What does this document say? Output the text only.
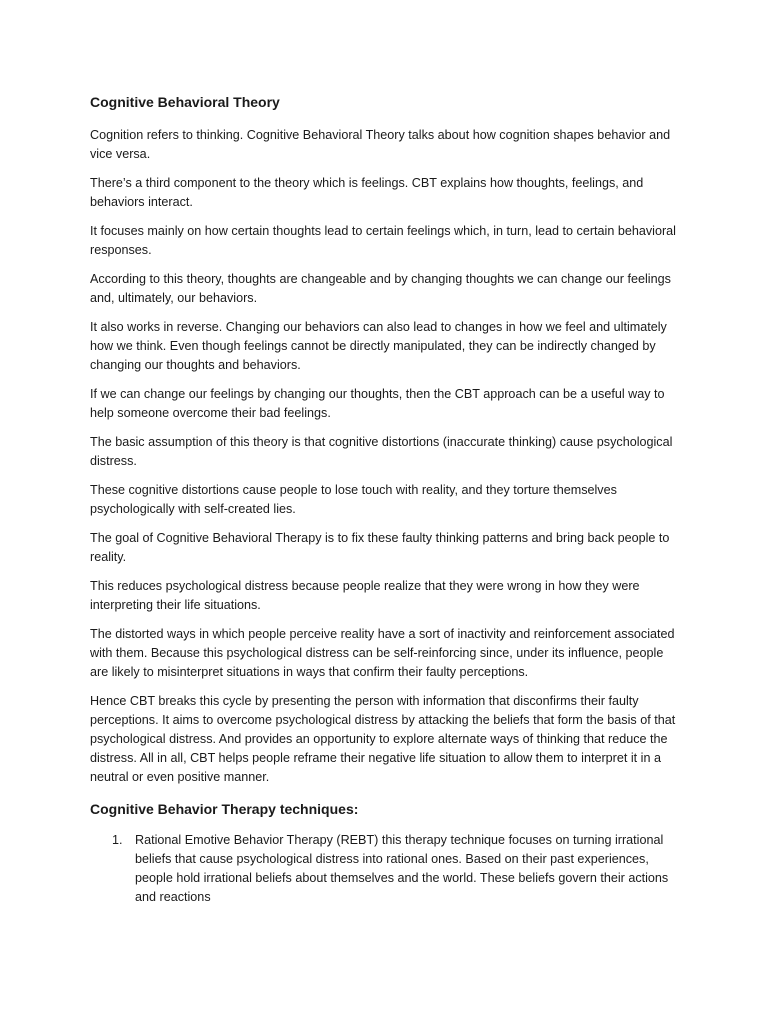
Cognitive Behavioral Theory

Cognition refers to thinking. Cognitive Behavioral Theory talks about how cognition shapes behavior and vice versa.

There’s a third component to the theory which is feelings. CBT explains how thoughts, feelings, and behaviors interact.

It focuses mainly on how certain thoughts lead to certain feelings which, in turn, lead to certain behavioral responses.

According to this theory, thoughts are changeable and by changing thoughts we can change our feelings and, ultimately, our behaviors.

It also works in reverse. Changing our behaviors can also lead to changes in how we feel and ultimately how we think. Even though feelings cannot be directly manipulated, they can be indirectly changed by changing our thoughts and behaviors.

If we can change our feelings by changing our thoughts, then the CBT approach can be a useful way to help someone overcome their bad feelings.

The basic assumption of this theory is that cognitive distortions (inaccurate thinking) cause psychological distress.

These cognitive distortions cause people to lose touch with reality, and they torture themselves psychologically with self-created lies.

The goal of Cognitive Behavioral Therapy is to fix these faulty thinking patterns and bring back people to reality.

This reduces psychological distress because people realize that they were wrong in how they were interpreting their life situations.

The distorted ways in which people perceive reality have a sort of inactivity and reinforcement associated with them. Because this psychological distress can be self-reinforcing since, under its influence, people are likely to misinterpret situations in ways that confirm their faulty perceptions.

Hence CBT breaks this cycle by presenting the person with information that disconfirms their faulty perceptions. It aims to overcome psychological distress by attacking the beliefs that form the basis of that psychological distress. And provides an opportunity to explore alternate ways of thinking that reduce the distress. All in all, CBT helps people reframe their negative life situation to allow them to interpret it in a neutral or even positive manner.

Cognitive Behavior Therapy techniques:
1. Rational Emotive Behavior Therapy (REBT) this therapy technique focuses on turning irrational beliefs that cause psychological distress into rational ones. Based on their past experiences, people hold irrational beliefs about themselves and the world. These beliefs govern their actions and reactions
